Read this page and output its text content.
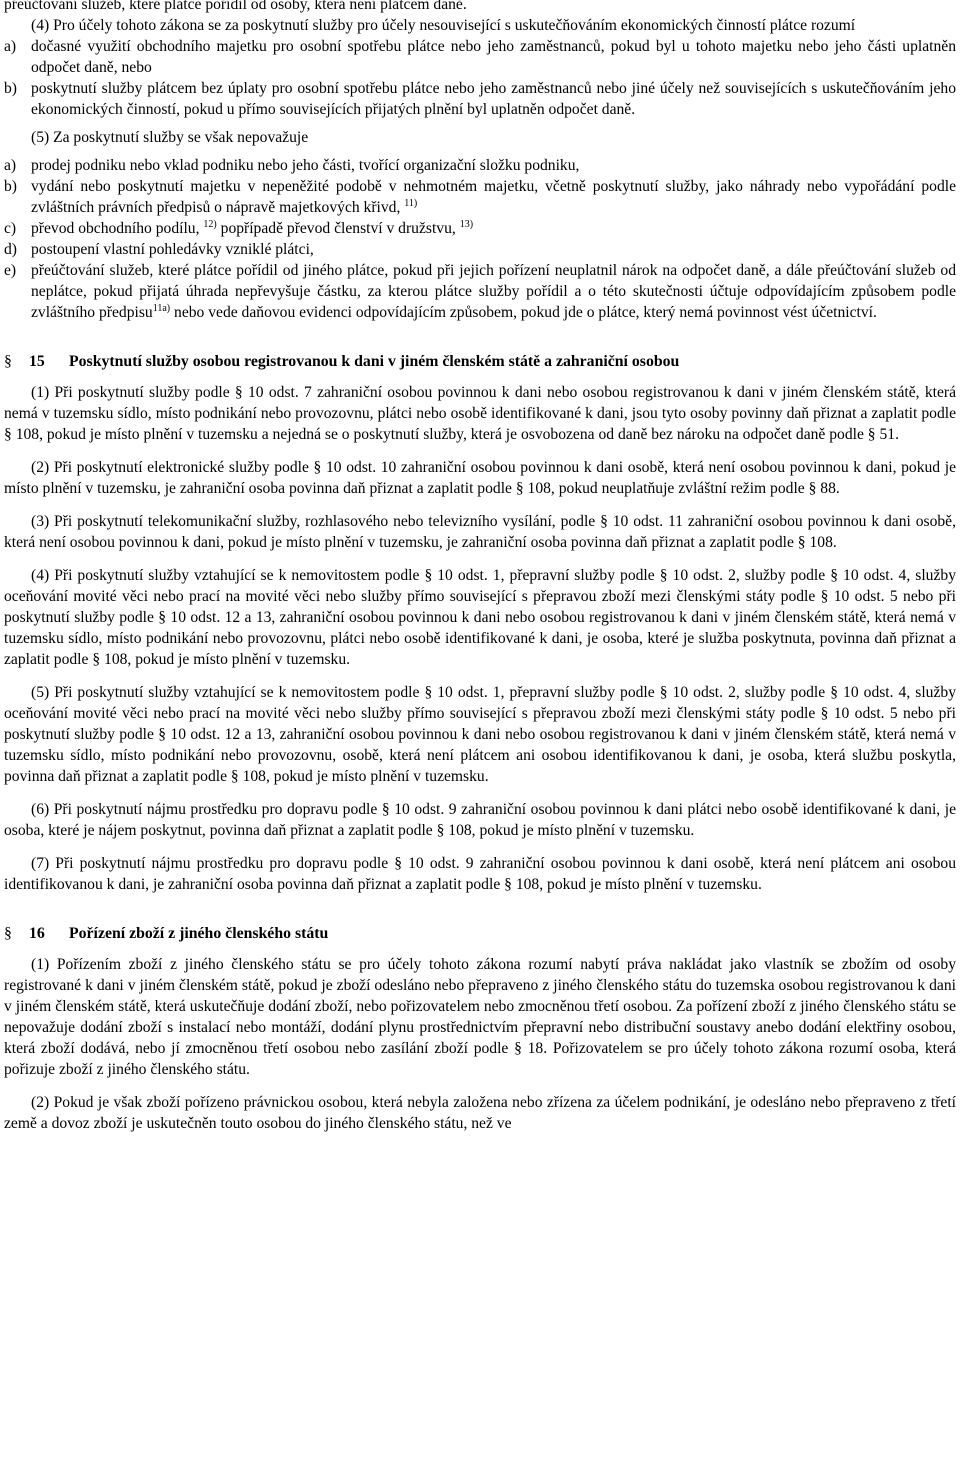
přeúčtování služeb, které plátce pořídil od osoby, která není plátcem daně.

(4) Pro účely tohoto zákona se za poskytnutí služby pro účely nesouvisející s uskutečňováním ekonomických činností plátce rozumí

a) dočasné využití obchodního majetku pro osobní spotřebu plátce nebo jeho zaměstnanců, pokud byl u tohoto majetku nebo jeho části uplatněn odpočet daně, nebo

b) poskytnutí služby plátcem bez úplaty pro osobní spotřebu plátce nebo jeho zaměstnanců nebo jiné účely než souvisejících s uskutečňováním jeho ekonomických činností, pokud u přímo souvisejících přijatých plnění byl uplatněn odpočet daně.

(5) Za poskytnutí služby se však nepovažuje

a) prodej podniku nebo vklad podniku nebo jeho části, tvořící organizační složku podniku,

b) vydání nebo poskytnutí majetku v nepeněžité podobě v nehmotném majetku, včetně poskytnutí služby, jako náhrady nebo vypořádání podle zvláštních právních předpisů o nápravě majetkových křivd, $^{11)}$

c) převod obchodního podílu, $^{12)}$ popřípadě převod členství v družstvu, $^{13)}$

d) postoupení vlastní pohledávky vzniklé plátci,

e) přeúčtování služeb, které plátce pořídil od jiného plátce, pokud při jejich pořízení neuplatnil nárok na odpočet daně, a dále přeúčtování služeb od neplátce, pokud přijatá úhrada nepřevyšuje částku, za kterou plátce služby pořídil a o této skutečnosti účtuje odpovídajícím způsobem podle zvláštního předpisu$^{11a)}$ nebo vede daňovou evidenci odpovídajícím způsobem, pokud jde o plátce, který nemá povinnost vést účetnictví.

§	15	Poskytnutí služby osobou registrovanou k dani v jiném členském státě a zahraniční osobou

(1) Při poskytnutí služby podle § 10 odst. 7 zahraniční osobou povinnou k dani nebo osobou registrovanou k dani v jiném členském státě, která nemá v tuzemsku sídlo, místo podnikání nebo provozovnu, plátci nebo osobě identifikované k dani, jsou tyto osoby povinny daň přiznat a zaplatit podle § 108, pokud je místo plnění v tuzemsku a nejedná se o poskytnutí služby, která je osvobozena od daně bez nároku na odpočet daně podle § 51.

(2) Při poskytnutí elektronické služby podle § 10 odst. 10 zahraniční osobou povinnou k dani osobě, která není osobou povinnou k dani, pokud je místo plnění v tuzemsku, je zahraniční osoba povinna daň přiznat a zaplatit podle § 108, pokud neuplatňuje zvláštní režim podle § 88.

(3) Při poskytnutí telekomunikační služby, rozhlasového nebo televizního vysílání, podle § 10 odst. 11 zahraniční osobou povinnou k dani osobě, která není osobou povinnou k dani, pokud je místo plnění v tuzemsku, je zahraniční osoba povinna daň přiznat a zaplatit podle § 108.

(4) Při poskytnutí služby vztahující se k nemovitostem podle § 10 odst. 1, přepravní služby podle § 10 odst. 2, služby podle § 10 odst. 4, služby oceňování movité věci nebo prací na movité věci nebo služby přímo související s přepravou zboží mezi členskými státy podle § 10 odst. 5 nebo při poskytnutí služby podle § 10 odst. 12 a 13, zahraniční osobou povinnou k dani nebo osobou registrovanou k dani v jiném členském státě, která nemá v tuzemsku sídlo, místo podnikání nebo provozovnu, plátci nebo osobě identifikované k dani, je osoba, které je služba poskytnuta, povinna daň přiznat a zaplatit podle § 108, pokud je místo plnění v tuzemsku.

(5) Při poskytnutí služby vztahující se k nemovitostem podle § 10 odst. 1, přepravní služby podle § 10 odst. 2, služby podle § 10 odst. 4, služby oceňování movité věci nebo prací na movité věci nebo služby přímo související s přepravou zboží mezi členskými státy podle § 10 odst. 5 nebo při poskytnutí služby podle § 10 odst. 12 a 13, zahraniční osobou povinnou k dani nebo osobou registrovanou k dani v jiném členském státě, která nemá v tuzemsku sídlo, místo podnikání nebo provozovnu, osobě, která není plátcem ani osobou identifikovanou k dani, je osoba, která službu poskytla, povinna daň přiznat a zaplatit podle § 108, pokud je místo plnění v tuzemsku.

(6) Při poskytnutí nájmu prostředku pro dopravu podle § 10 odst. 9 zahraniční osobou povinnou k dani plátci nebo osobě identifikované k dani, je osoba, které je nájem poskytnut, povinna daň přiznat a zaplatit podle § 108, pokud je místo plnění v tuzemsku.

(7) Při poskytnutí nájmu prostředku pro dopravu podle § 10 odst. 9 zahraniční osobou povinnou k dani osobě, která není plátcem ani osobou identifikovanou k dani, je zahraniční osoba povinna daň přiznat a zaplatit podle § 108, pokud je místo plnění v tuzemsku.

§	16	Pořízení zboží z jiného členského státu

(1) Pořízením zboží z jiného členského státu se pro účely tohoto zákona rozumí nabytí práva nakládat jako vlastník se zbožím od osoby registrované k dani v jiném členském státě, pokud je zboží odesláno nebo přepraveno z jiného členského státu do tuzemska osobou registrovanou k dani v jiném členském státě, která uskutečňuje dodání zboží, nebo pořizovatelem nebo zmocněnou třetí osobou. Za pořízení zboží z jiného členského státu se nepovažuje dodání zboží s instalací nebo montáží, dodání plynu prostřednictvím přepravní nebo distribuční soustavy anebo dodání elektřiny osobou, která zboží dodává, nebo jí zmocněnou třetí osobou nebo zasílání zboží podle § 18. Pořizovatelem se pro účely tohoto zákona rozumí osoba, která pořizuje zboží z jiného členského státu.

(2) Pokud je však zboží pořízeno právnickou osobou, která nebyla založena nebo zřízena za účelem podnikání, je odesláno nebo přepraveno z třetí země a dovoz zboží je uskutečněn touto osobou do jiného členského státu, než ve
